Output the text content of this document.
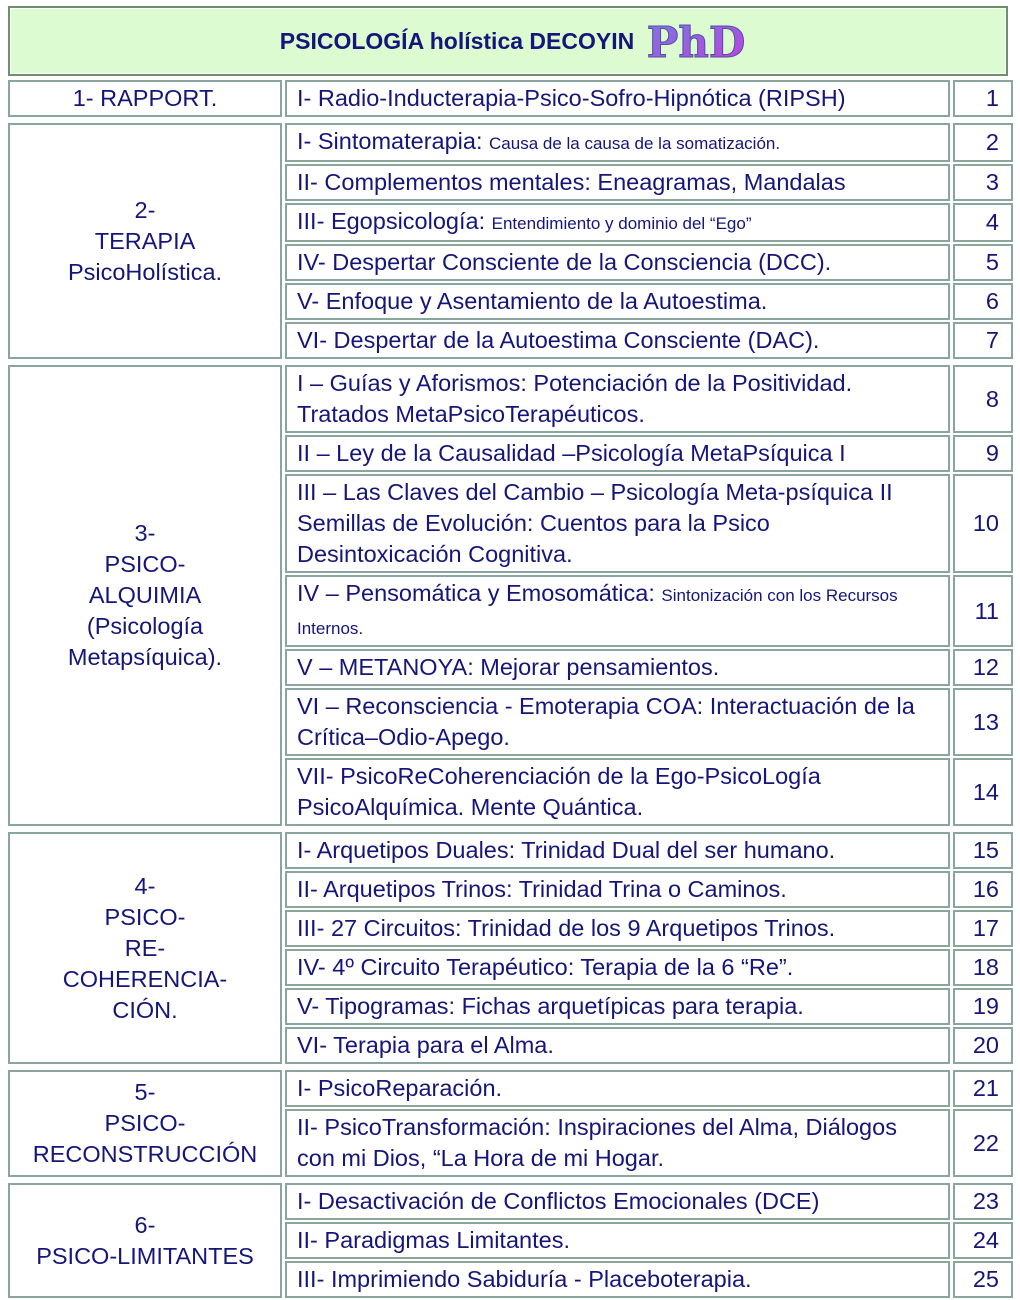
PSICOLOGÍA holística DECOYIN PhD
1- RAPPORT.	I- Radio-Inducterapia-Psico-Sofro-Hipnótica (RIPSH)	1
2-
TERAPIA
PsicoHolística.	I- Sintomaterapia: Causa de la causa de la somatización.	2
	II- Complementos mentales: Eneagramas, Mandalas	3
	III- Egopsicología: Entendimiento y dominio del “Ego”	4
	IV- Despertar Consciente de la Consciencia (DCC).	5
	V- Enfoque y Asentamiento de la Autoestima.	6
	VI- Despertar de la Autoestima Consciente (DAC).	7
3-
PSICO-
ALQUIMIA
(Psicología
Metapsíquica).	I – Guías y Aforismos: Potenciación de la Positividad. Tratados MetaPsicoTerapéuticos.	8
	II – Ley de la Causalidad –Psicología MetaPsíquica I	9
	III – Las Claves del Cambio – Psicología Meta-psíquica II Semillas de Evolución: Cuentos para la Psico Desintoxicación Cognitiva.	10
	IV – Pensomática y Emosomática: Sintonización con los Recursos Internos.	11
	V – METANOYA: Mejorar pensamientos.	12
	VI – Reconsciencia - Emoterapia COA: Interactuación de la Crítica–Odio-Apego.	13
	VII- PsicoReCoherenciación de la Ego-PsicoLogía PsicoAlquímica. Mente Quántica.	14
4-
PSICO-
RE-
COHERENCIA-
CIÓN.	I- Arquetipos Duales: Trinidad Dual del ser humano.	15
	II- Arquetipos Trinos: Trinidad Trina o Caminos.	16
	III- 27 Circuitos: Trinidad de los 9 Arquetipos Trinos.	17
	IV- 4º Circuito Terapéutico: Terapia de la 6 “Re”.	18
	V- Tipogramas: Fichas arquetípicas para terapia.	19
	VI- Terapia para el Alma.	20
5-
PSICO-
RECONSTRUCCIÓN	I- PsicoReparación.	21
	II- PsicoTransformación: Inspiraciones del Alma, Diálogos con mi Dios, “La Hora de mi Hogar.	22
6-
PSICO-LIMITANTES	I- Desactivación de Conflictos Emocionales (DCE)	23
	II- Paradigmas Limitantes.	24
	III- Imprimiendo Sabiduría - Placeboterapia.	25
